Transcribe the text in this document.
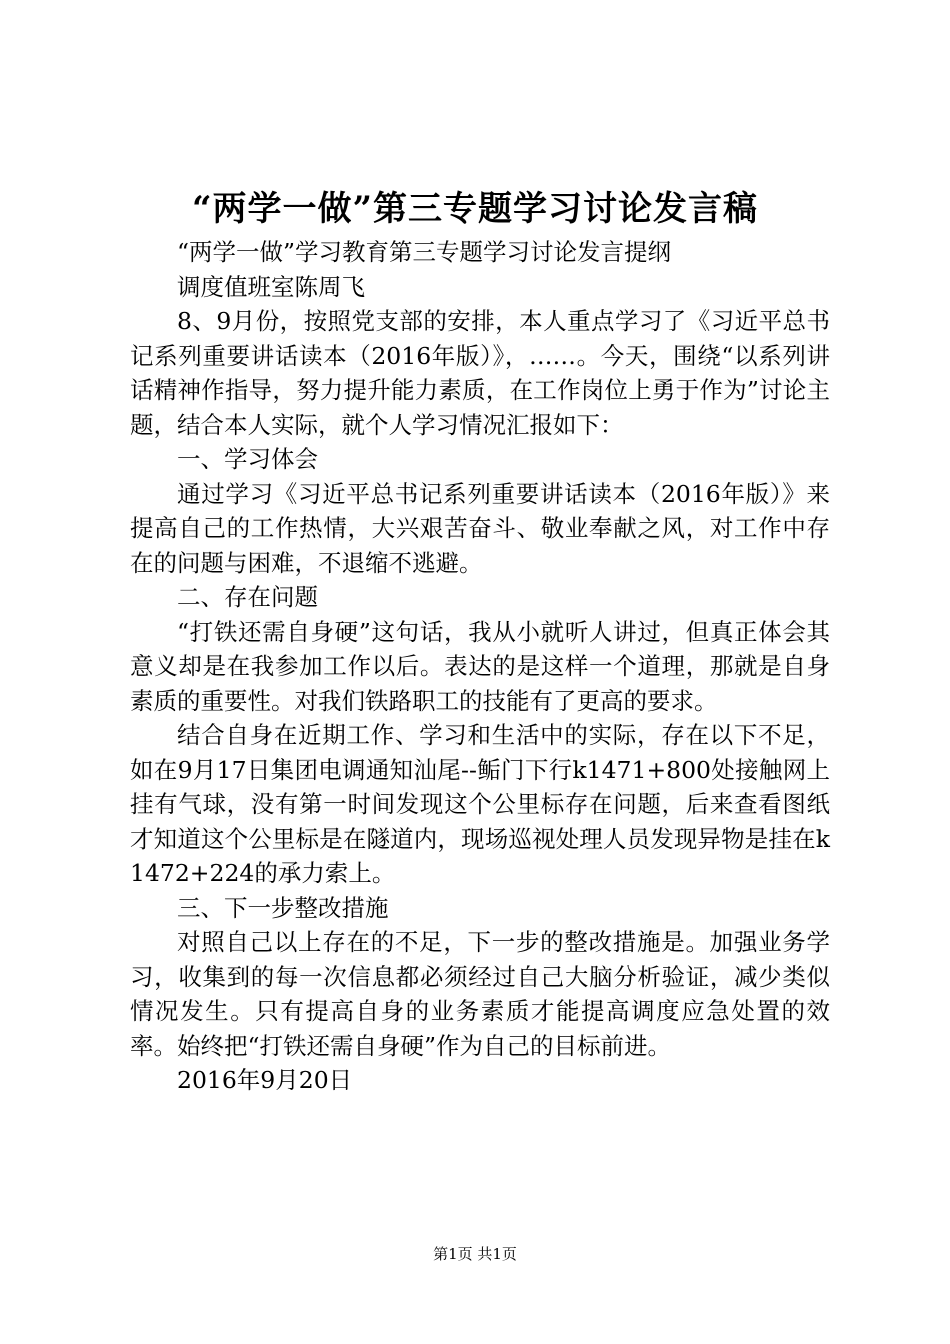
“两学一做”第三专题学习讨论发言稿
“两学一做”学习教育第三专题学习讨论发言提纲
调度值班室陈周飞

8、9月份，按照党支部的安排，本人重点学习了《习近平总书记系列重要讲话读本（2016年版）》，……。今天，围绕“以系列讲话精神作指导，努力提升能力素质，在工作岗位上勇于作为”讨论主题，结合本人实际，就个人学习情况汇报如下：

一、学习体会

通过学习《习近平总书记系列重要讲话读本（2016年版）》来提高自己的工作热情，大兴艰苦奋斗、敬业奉献之风，对工作中存在的问题与困难，不退缩不逃避。

二、存在问题

“打铁还需自身硬”这句话，我从小就听人讲过，但真正体会其意义却是在我参加工作以后。表达的是这样一个道理，那就是自身素质的重要性。对我们铁路职工的技能有了更高的要求。

结合自身在近期工作、学习和生活中的实际，存在以下不足，如在9月17日集团电调通知汕尾--鲘门下行k1471+800处接触网上挂有气球，没有第一时间发现这个公里标存在问题，后来查看图纸才知道这个公里标是在隧道内，现场巡视处理人员发现异物是挂在k1472+224的承力索上。

三、下一步整改措施

对照自己以上存在的不足，下一步的整改措施是。加强业务学习，收集到的每一次信息都必须经过自己大脑分析验证，减少类似情况发生。只有提高自身的业务素质才能提高调度应急处置的效率。始终把“打铁还需自身硬”作为自己的目标前进。

2016年9月20日
第1页 共1页
